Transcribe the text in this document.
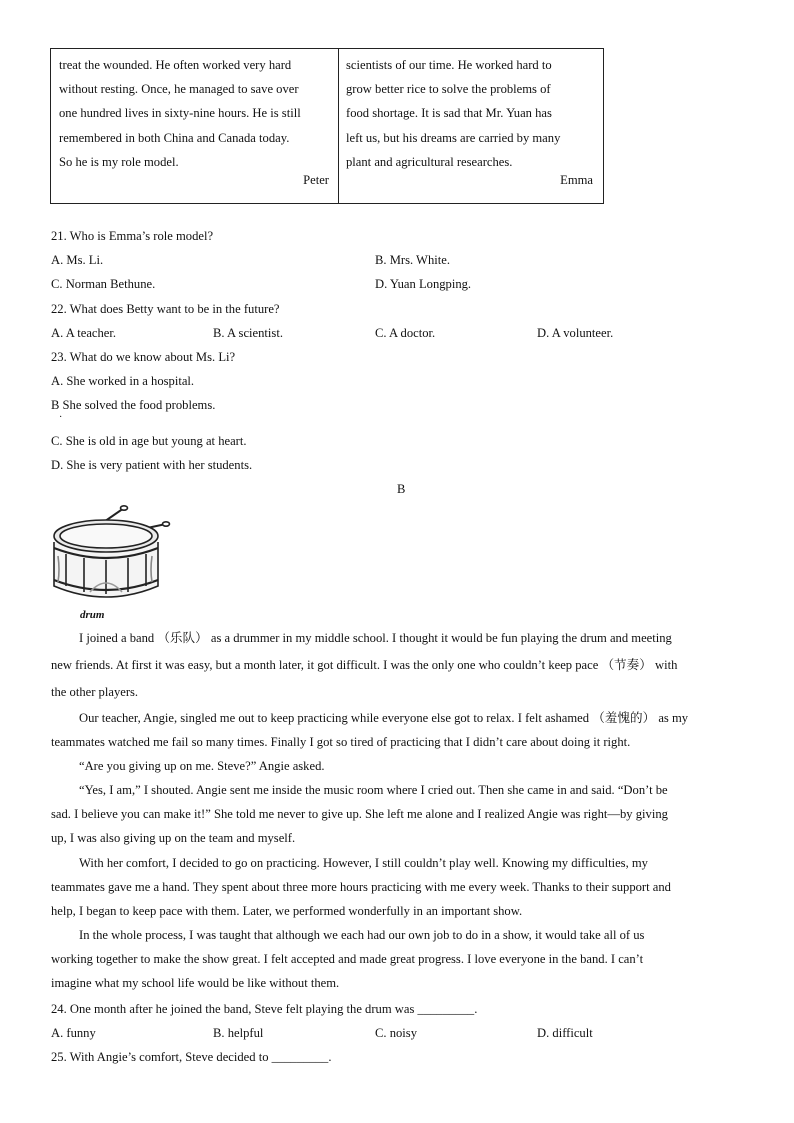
treat the wounded. He often worked very hard
without resting. Once, he managed to save over
one hundred lives in sixty-nine hours. He is still
remembered in both China and Canada today.
So he is my role model.
Peter
scientists of our time. He worked hard to
grow better rice to solve the problems of
food shortage. It is sad that Mr. Yuan has
left us, but his dreams are carried by many
plant and agricultural researches.
Emma
21. Who is Emma’s role model?
A. Ms. Li.	B. Mrs. White.
C. Norman Bethune.	D. Yuan Longping.
22. What does Betty want to be in the future?
A. A teacher.	B. A scientist.	C. A doctor.	D. A volunteer.
23. What do we know about Ms. Li?
A. She worked in a hospital.
B She solved the food problems.
·
C. She is old in age but young at heart.
D. She is very patient with her students.
B
drum
I joined a band （乐队） as a drummer in my middle school. I thought it would be fun playing the drum and meeting
new friends. At first it was easy, but a month later, it got difficult. I was the only one who couldn’t keep pace （节奏） with
the other players.
Our teacher, Angie, singled me out to keep practicing while everyone else got to relax. I felt ashamed （羞愧的） as my
teammates watched me fail so many times. Finally I got so tired of practicing that I didn’t care about doing it right.
“Are you giving up on me. Steve?” Angie asked.
“Yes, I am,” I shouted. Angie sent me inside the music room where I cried out. Then she came in and said. “Don’t be
sad. I believe you can make it!” She told me never to give up. She left me alone and I realized Angie was right—by giving
up, I was also giving up on the team and myself.
With her comfort, I decided to go on practicing. However, I still couldn’t play well. Knowing my difficulties, my
teammates gave me a hand. They spent about three more hours practicing with me every week. Thanks to their support and
help, I began to keep pace with them. Later, we performed wonderfully in an important show.
In the whole process, I was taught that although we each had our own job to do in a show, it would take all of us
working together to make the show great. I felt accepted and made great progress. I love everyone in the band. I can’t
imagine what my school life would be like without them.
24. One month after he joined the band, Steve felt playing the drum was _________.
A. funny	B. helpful	C. noisy	D. difficult
25. With Angie’s comfort, Steve decided to _________.
